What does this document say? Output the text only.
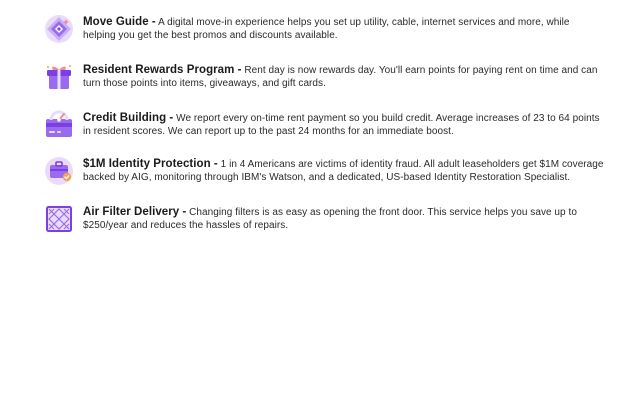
Move Guide - A digital move-in experience helps you set up utility, cable, internet services and more, while helping you get the best promos and discounts available.
Resident Rewards Program - Rent day is now rewards day. You'll earn points for paying rent on time and can turn those points into items, giveaways, and gift cards.
Credit Building - We report every on-time rent payment so you build credit. Average increases of 23 to 64 points in resident scores. We can report up to the past 24 months for an immediate boost.
$1M Identity Protection - 1 in 4 Americans are victims of identity fraud. All adult leaseholders get $1M coverage backed by AIG, monitoring through IBM's Watson, and a dedicated, US-based Identity Restoration Specialist.
Air Filter Delivery - Changing filters is as easy as opening the front door. This service helps you save up to $250/year and reduces the hassles of repairs.
